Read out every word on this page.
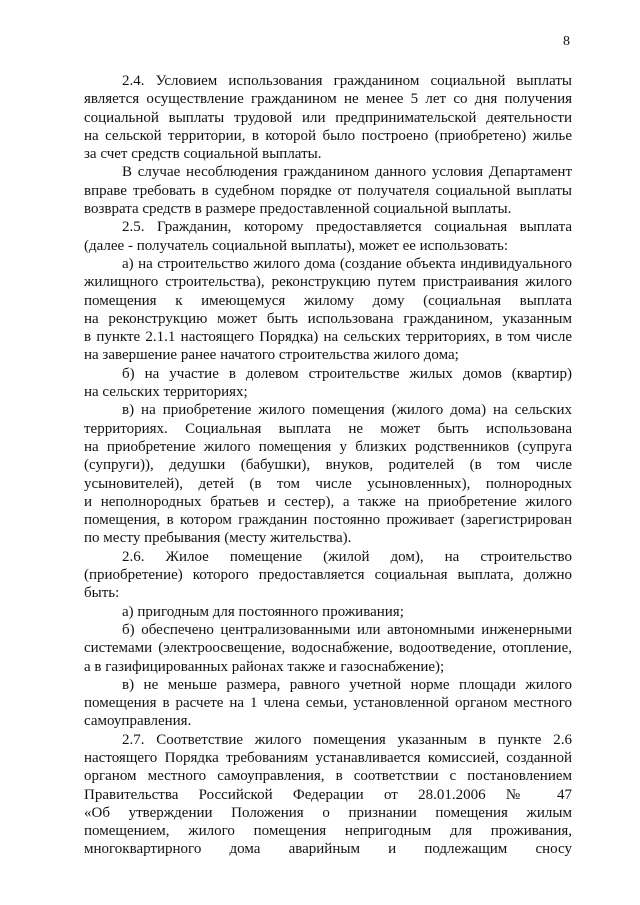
8
2.4. Условием использования гражданином социальной выплаты
является осуществление гражданином не менее 5 лет со дня получения
социальной выплаты трудовой или предпринимательской деятельности
на сельской территории, в которой было построено (приобретено) жилье
за счет средств социальной выплаты.
В случае несоблюдения гражданином данного условия Департамент
вправе требовать в судебном порядке от получателя социальной выплаты
возврата средств в размере предоставленной социальной выплаты.
2.5. Гражданин, которому предоставляется социальная выплата
(далее - получатель социальной выплаты), может ее использовать:
а) на строительство жилого дома (создание объекта индивидуального
жилищного строительства), реконструкцию путем пристраивания жилого
помещения к имеющемуся жилому дому (социальная выплата
на реконструкцию может быть использована гражданином, указанным
в пункте 2.1.1 настоящего Порядка) на сельских территориях, в том числе
на завершение ранее начатого строительства жилого дома;
б) на участие в долевом строительстве жилых домов (квартир)
на сельских территориях;
в) на приобретение жилого помещения (жилого дома) на сельских
территориях. Социальная выплата не может быть использована
на приобретение жилого помещения у близких родственников (супруга
(супруги)), дедушки (бабушки), внуков, родителей (в том числе
усыновителей), детей (в том числе усыновленных), полнородных
и неполнородных братьев и сестер), а также на приобретение жилого
помещения, в котором гражданин постоянно проживает (зарегистрирован
по месту пребывания (месту жительства).
2.6. Жилое помещение (жилой дом), на строительство
(приобретение) которого предоставляется социальная выплата, должно
быть:
а) пригодным для постоянного проживания;
б) обеспечено централизованными или автономными инженерными
системами (электроосвещение, водоснабжение, водоотведение, отопление,
а в газифицированных районах также и газоснабжение);
в) не меньше размера, равного учетной норме площади жилого
помещения в расчете на 1 члена семьи, установленной органом местного
самоуправления.
2.7. Соответствие жилого помещения указанным в пункте 2.6
настоящего Порядка требованиям устанавливается комиссией, созданной
органом местного самоуправления, в соответствии с постановлением
Правительства Российской Федерации от 28.01.2006 № 47
«Об утверждении Положения о признании помещения жилым
помещением, жилого помещения непригодным для проживания,
многоквартирного дома аварийным и подлежащим сносу
